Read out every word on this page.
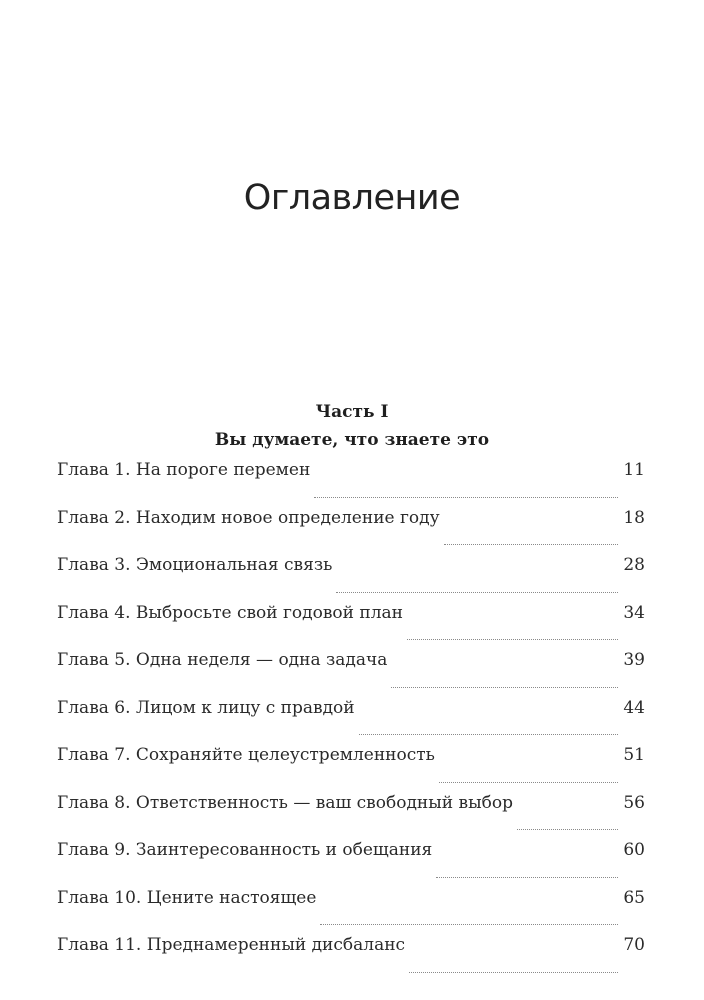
Оглавление
Часть I
Вы думаете, что знаете это
Глава 1. На пороге перемен	11
Глава 2. Находим новое определение году	18
Глава 3. Эмоциональная связь	28
Глава 4. Выбросьте свой годовой план	34
Глава 5. Одна неделя — одна задача	39
Глава 6. Лицом к лицу с правдой	44
Глава 7. Сохраняйте целеустремленность	51
Глава 8. Ответственность — ваш свободный выбор	56
Глава 9. Заинтересованность и обещания	60
Глава 10. Цените настоящее	65
Глава 11. Преднамеренный дисбаланс	70
